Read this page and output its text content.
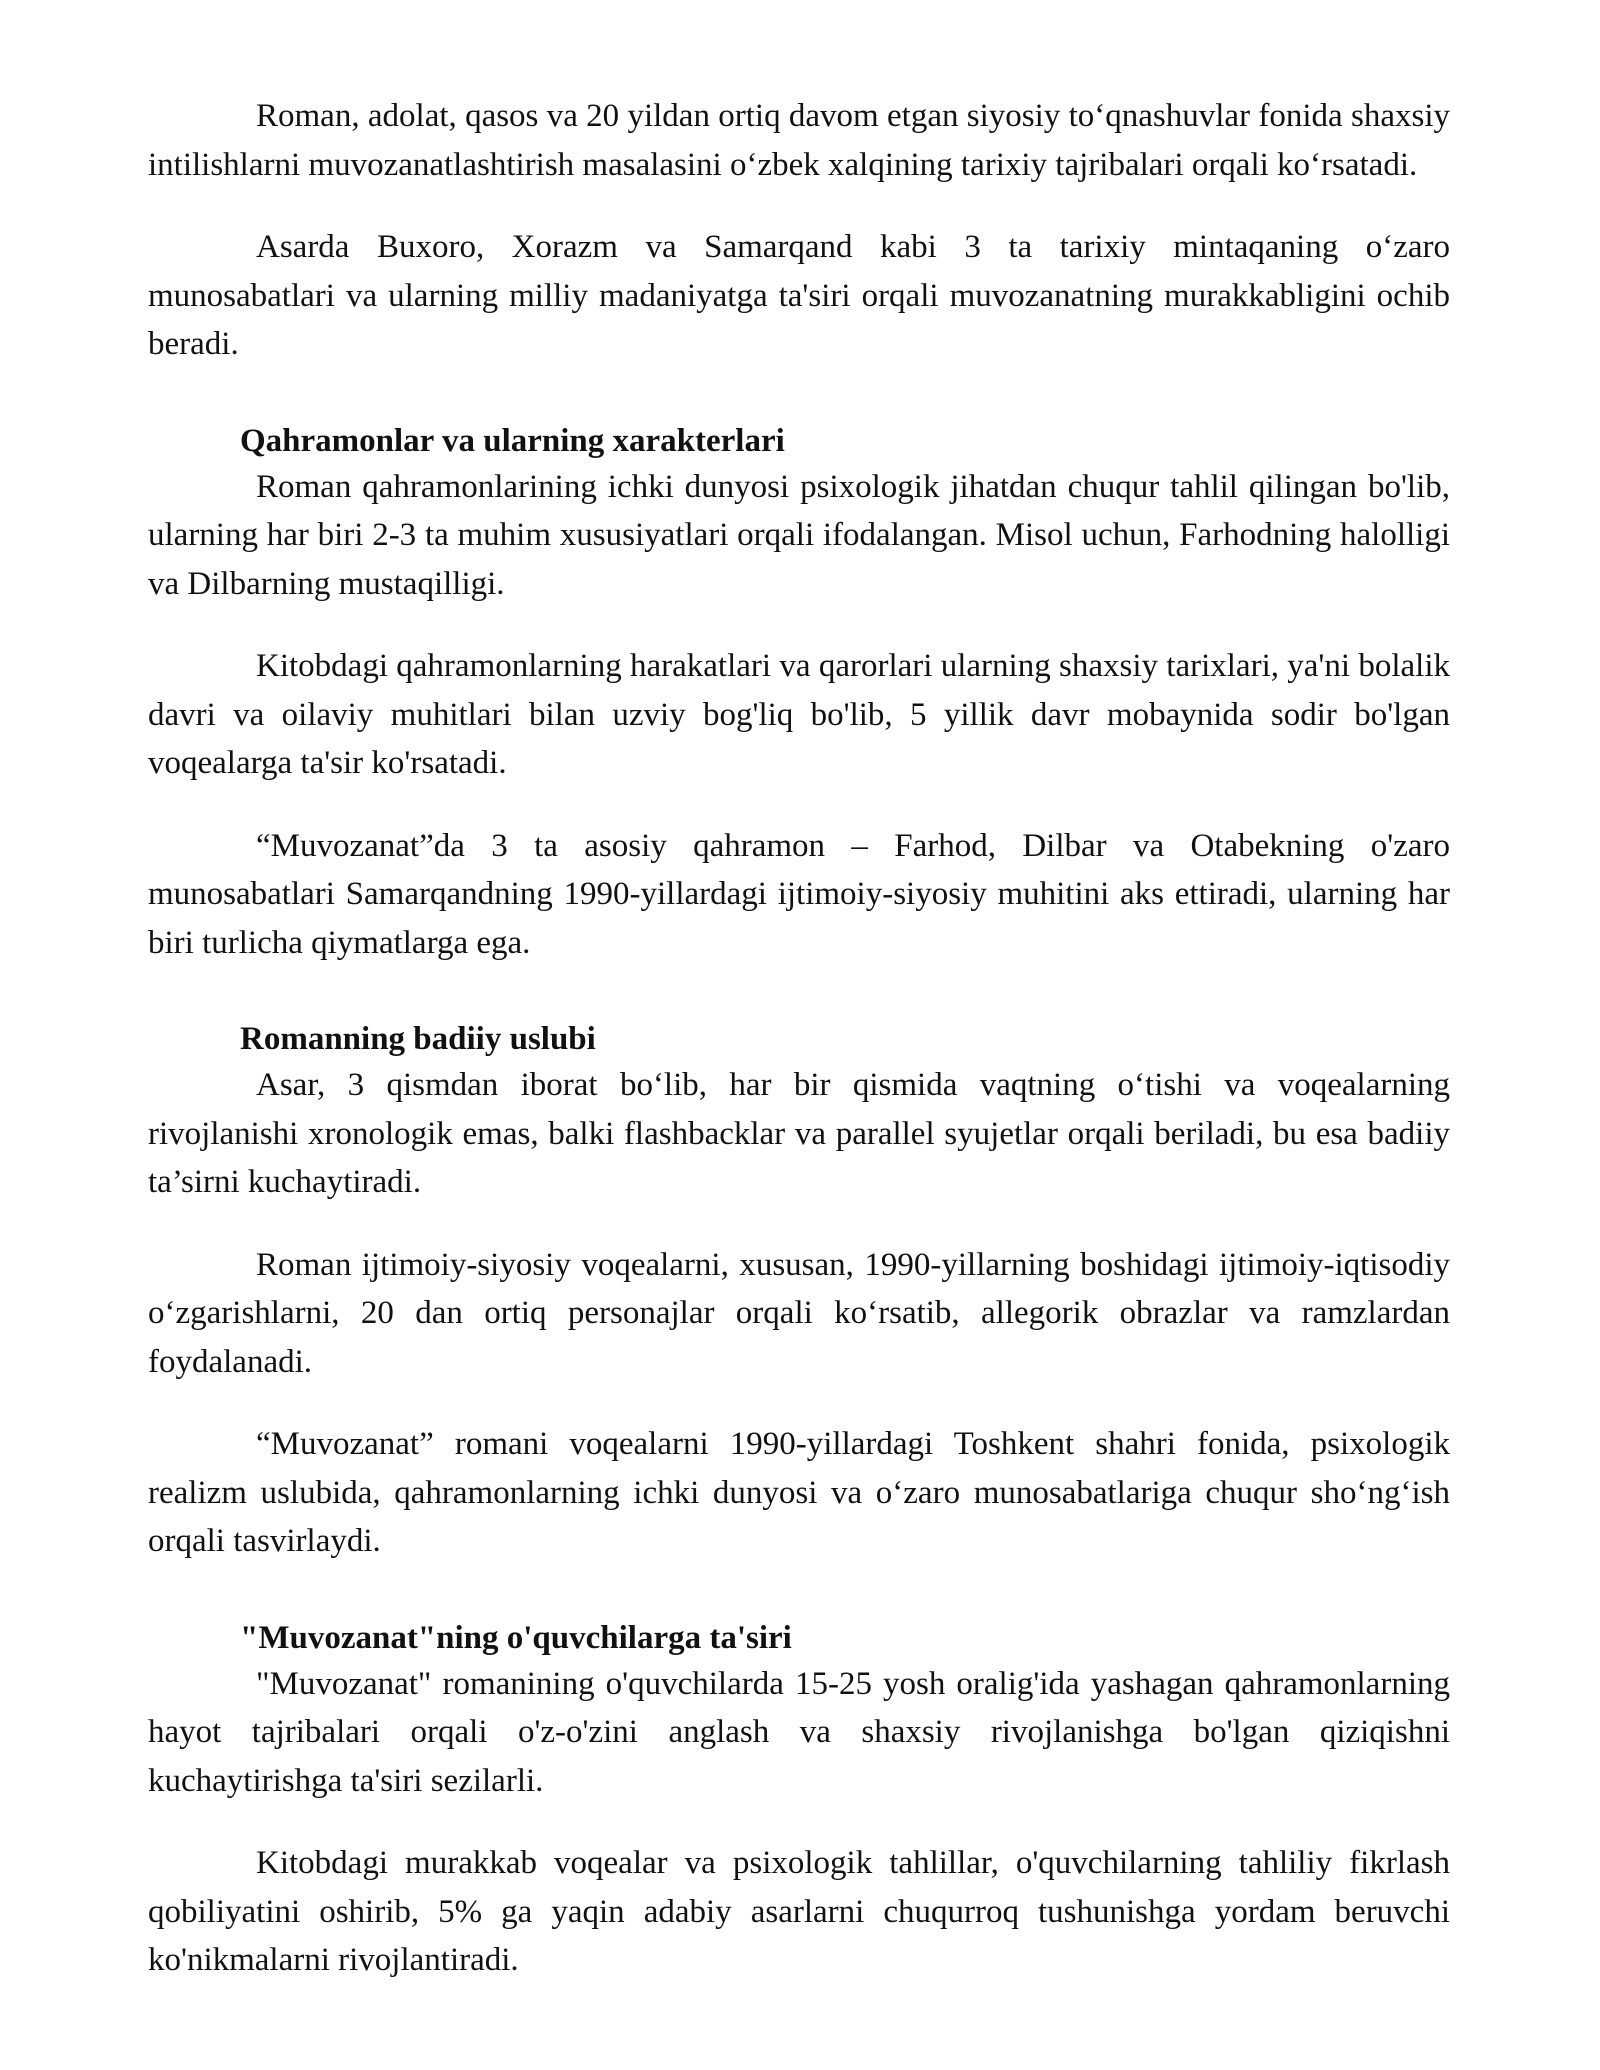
Roman, adolat, qasos va 20 yildan ortiq davom etgan siyosiy to‘qnashuvlar fonida shaxsiy intilishlarni muvozanatlashtirish masalasini o‘zbek xalqining tarixiy tajribalari orqali ko‘rsatadi.

Asarda Buxoro, Xorazm va Samarqand kabi 3 ta tarixiy mintaqaning o‘zaro munosabatlari va ularning milliy madaniyatga ta'siri orqali muvozanatning murakkabligini ochib beradi.

Qahramonlar va ularning xarakterlari

Roman qahramonlarining ichki dunyosi psixologik jihatdan chuqur tahlil qilingan bo'lib, ularning har biri 2-3 ta muhim xususiyatlari orqali ifodalangan. Misol uchun, Farhodning halolligi va Dilbarning mustaqilligi.

Kitobdagi qahramonlarning harakatlari va qarorlari ularning shaxsiy tarixlari, ya'ni bolalik davri va oilaviy muhitlari bilan uzviy bog'liq bo'lib, 5 yillik davr mobaynida sodir bo'lgan voqealarga ta'sir ko'rsatadi.

“Muvozanat”da 3 ta asosiy qahramon – Farhod, Dilbar va Otabekning o'zaro munosabatlari Samarqandning 1990-yillardagi ijtimoiy-siyosiy muhitini aks ettiradi, ularning har biri turlicha qiymatlarga ega.

Romanning badiiy uslubi

Asar, 3 qismdan iborat bo‘lib, har bir qismida vaqtning o‘tishi va voqealarning rivojlanishi xronologik emas, balki flashbacklar va parallel syujetlar orqali beriladi, bu esa badiiy ta’sirni kuchaytiradi.

Roman ijtimoiy-siyosiy voqealarni, xususan, 1990-yillarning boshidagi ijtimoiy-iqtisodiy o‘zgarishlarni, 20 dan ortiq personajlar orqali ko‘rsatib, allegorik obrazlar va ramzlardan foydalanadi.

“Muvozanat” romani voqealarni 1990-yillardagi Toshkent shahri fonida, psixologik realizm uslubida, qahramonlarning ichki dunyosi va o‘zaro munosabatlariga chuqur sho‘ng‘ish orqali tasvirlaydi.

"Muvozanat"ning o'quvchilarga ta'siri

"Muvozanat" romanining o'quvchilarda 15-25 yosh oralig'ida yashagan qahramonlarning hayot tajribalari orqali o'z-o'zini anglash va shaxsiy rivojlanishga bo'lgan qiziqishni kuchaytirishga ta'siri sezilarli.

Kitobdagi murakkab voqealar va psixologik tahlillar, o'quvchilarning tahliliy fikrlash qobiliyatini oshirib, 5% ga yaqin adabiy asarlarni chuqurroq tushunishga yordam beruvchi ko'nikmalarni rivojlantiradi.
